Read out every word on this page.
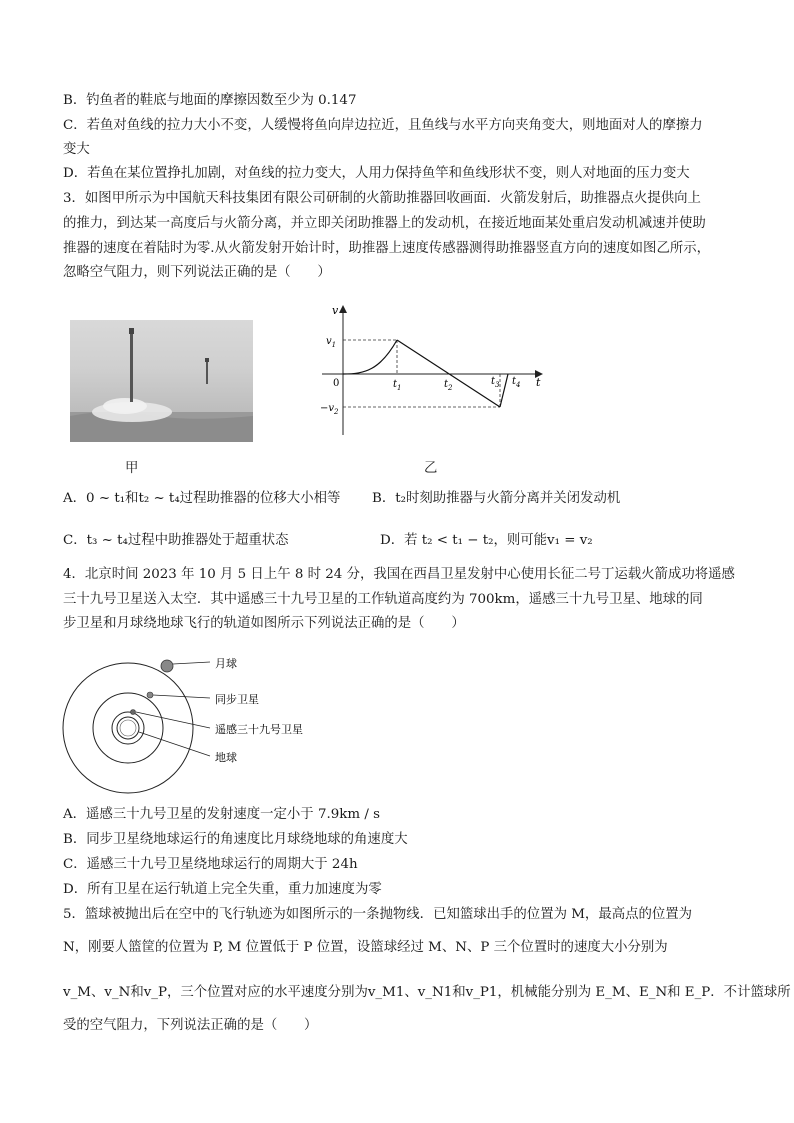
B．钓鱼者的鞋底与地面的摩擦因数至少为 0.147
C．若鱼对鱼线的拉力大小不变，人缓慢将鱼向岸边拉近，且鱼线与水平方向夹角变大，则地面对人的摩擦力
变大
D．若鱼在某位置挣扎加剧，对鱼线的拉力变大，人用力保持鱼竿和鱼线形状不变，则人对地面的压力变大
3．如图甲所示为中国航天科技集团有限公司研制的火箭助推器回收画面．火箭发射后，助推器点火提供向上
的推力，到达某一高度后与火箭分离，并立即关闭助推器上的发动机，在接近地面某处重启发动机减速并使助
推器的速度在着陆时为零.从火箭发射开始计时，助推器上速度传感器测得助推器竖直方向的速度如图乙所示，
忽略空气阻力，则下列说法正确的是（　　）
甲
v
t
0
$v_1$
$-v_2$
$t_1$	$t_2$
$t_3$ $t_4$
乙
A．0 ~ t₁和t₂ ~ t₄过程助推器的位移大小相等 B．t₂时刻助推器与火箭分离并关闭发动机
C．t₃ ~ t₄过程中助推器处于超重状态	D．若 t₂ < t₁ − t₂，则可能v₁ = v₂
4．北京时间 2023 年 10 月 5 日上午 8 时 24 分，我国在西昌卫星发射中心使用长征二号丁运载火箭成功将遥感
三十九号卫星送入太空．其中遥感三十九号卫星的工作轨道高度约为 700km，遥感三十九号卫星、地球的同
步卫星和月球绕地球飞行的轨道如图所示下列说法正确的是（　　）
月球
同步卫星
遥感三十九号卫星
地球
A．遥感三十九号卫星的发射速度一定小于 7.9km / s
B．同步卫星绕地球运行的角速度比月球绕地球的角速度大
C．遥感三十九号卫星绕地球运行的周期大于 24h
D．所有卫星在运行轨道上完全失重，重力加速度为零
5．篮球被抛出后在空中的飞行轨迹为如图所示的一条抛物线．已知篮球出手的位置为 M，最高点的位置为
N，刚要人篮筐的位置为 P, M 位置低于 P 位置，设篮球经过 M、N、P 三个位置时的速度大小分别为
v_M、v_N和v_P，三个位置对应的水平速度分别为v_M1、v_N1和v_P1，机械能分别为 E_M、E_N和 E_P．不计篮球所
受的空气阻力，下列说法正确的是（　　）
